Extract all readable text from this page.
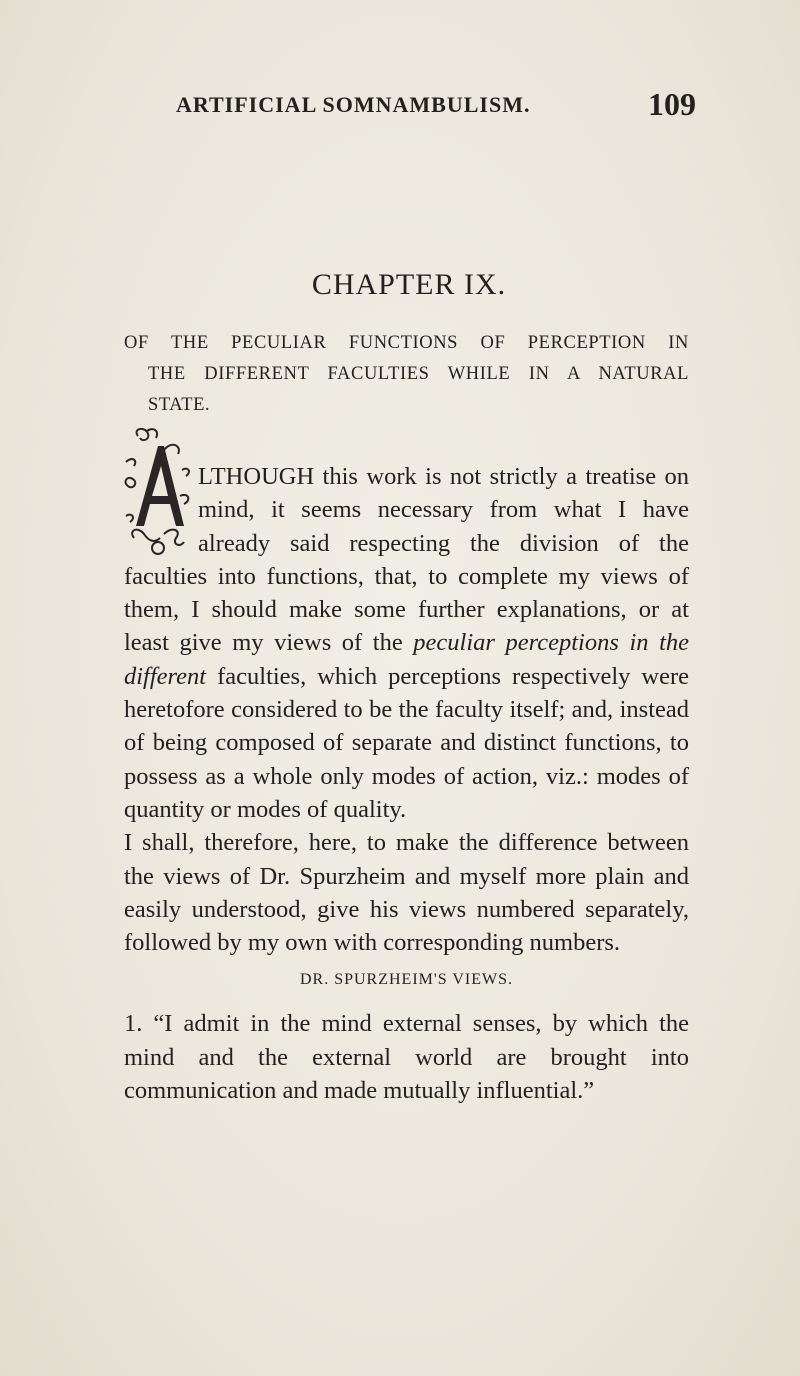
ARTIFICIAL SOMNAMBULISM.	109
CHAPTER IX.
OF THE PECULIAR FUNCTIONS OF PERCEPTION IN
THE DIFFERENT FACULTIES WHILE IN A NATURAL
STATE.

LTHOUGH this work is not strictly a treatise on mind, it seems necessary from what I have already said respecting the division of the faculties into functions, that, to complete my views of them, I should make some further explanations, or at least give my views of the peculiar perceptions in the different faculties, which perceptions respectively were heretofore considered to be the faculty itself; and, instead of being composed of separate and distinct functions, to possess as a whole only modes of action, viz.: modes of quantity or modes of quality.

I shall, therefore, here, to make the difference between the views of Dr. Spurzheim and myself more plain and easily understood, give his views numbered separately, followed by my own with corresponding numbers.

DR. SPURZHEIM'S VIEWS.

1. “I admit in the mind external senses, by which the mind and the external world are brought into communication and made mutually influential.”
